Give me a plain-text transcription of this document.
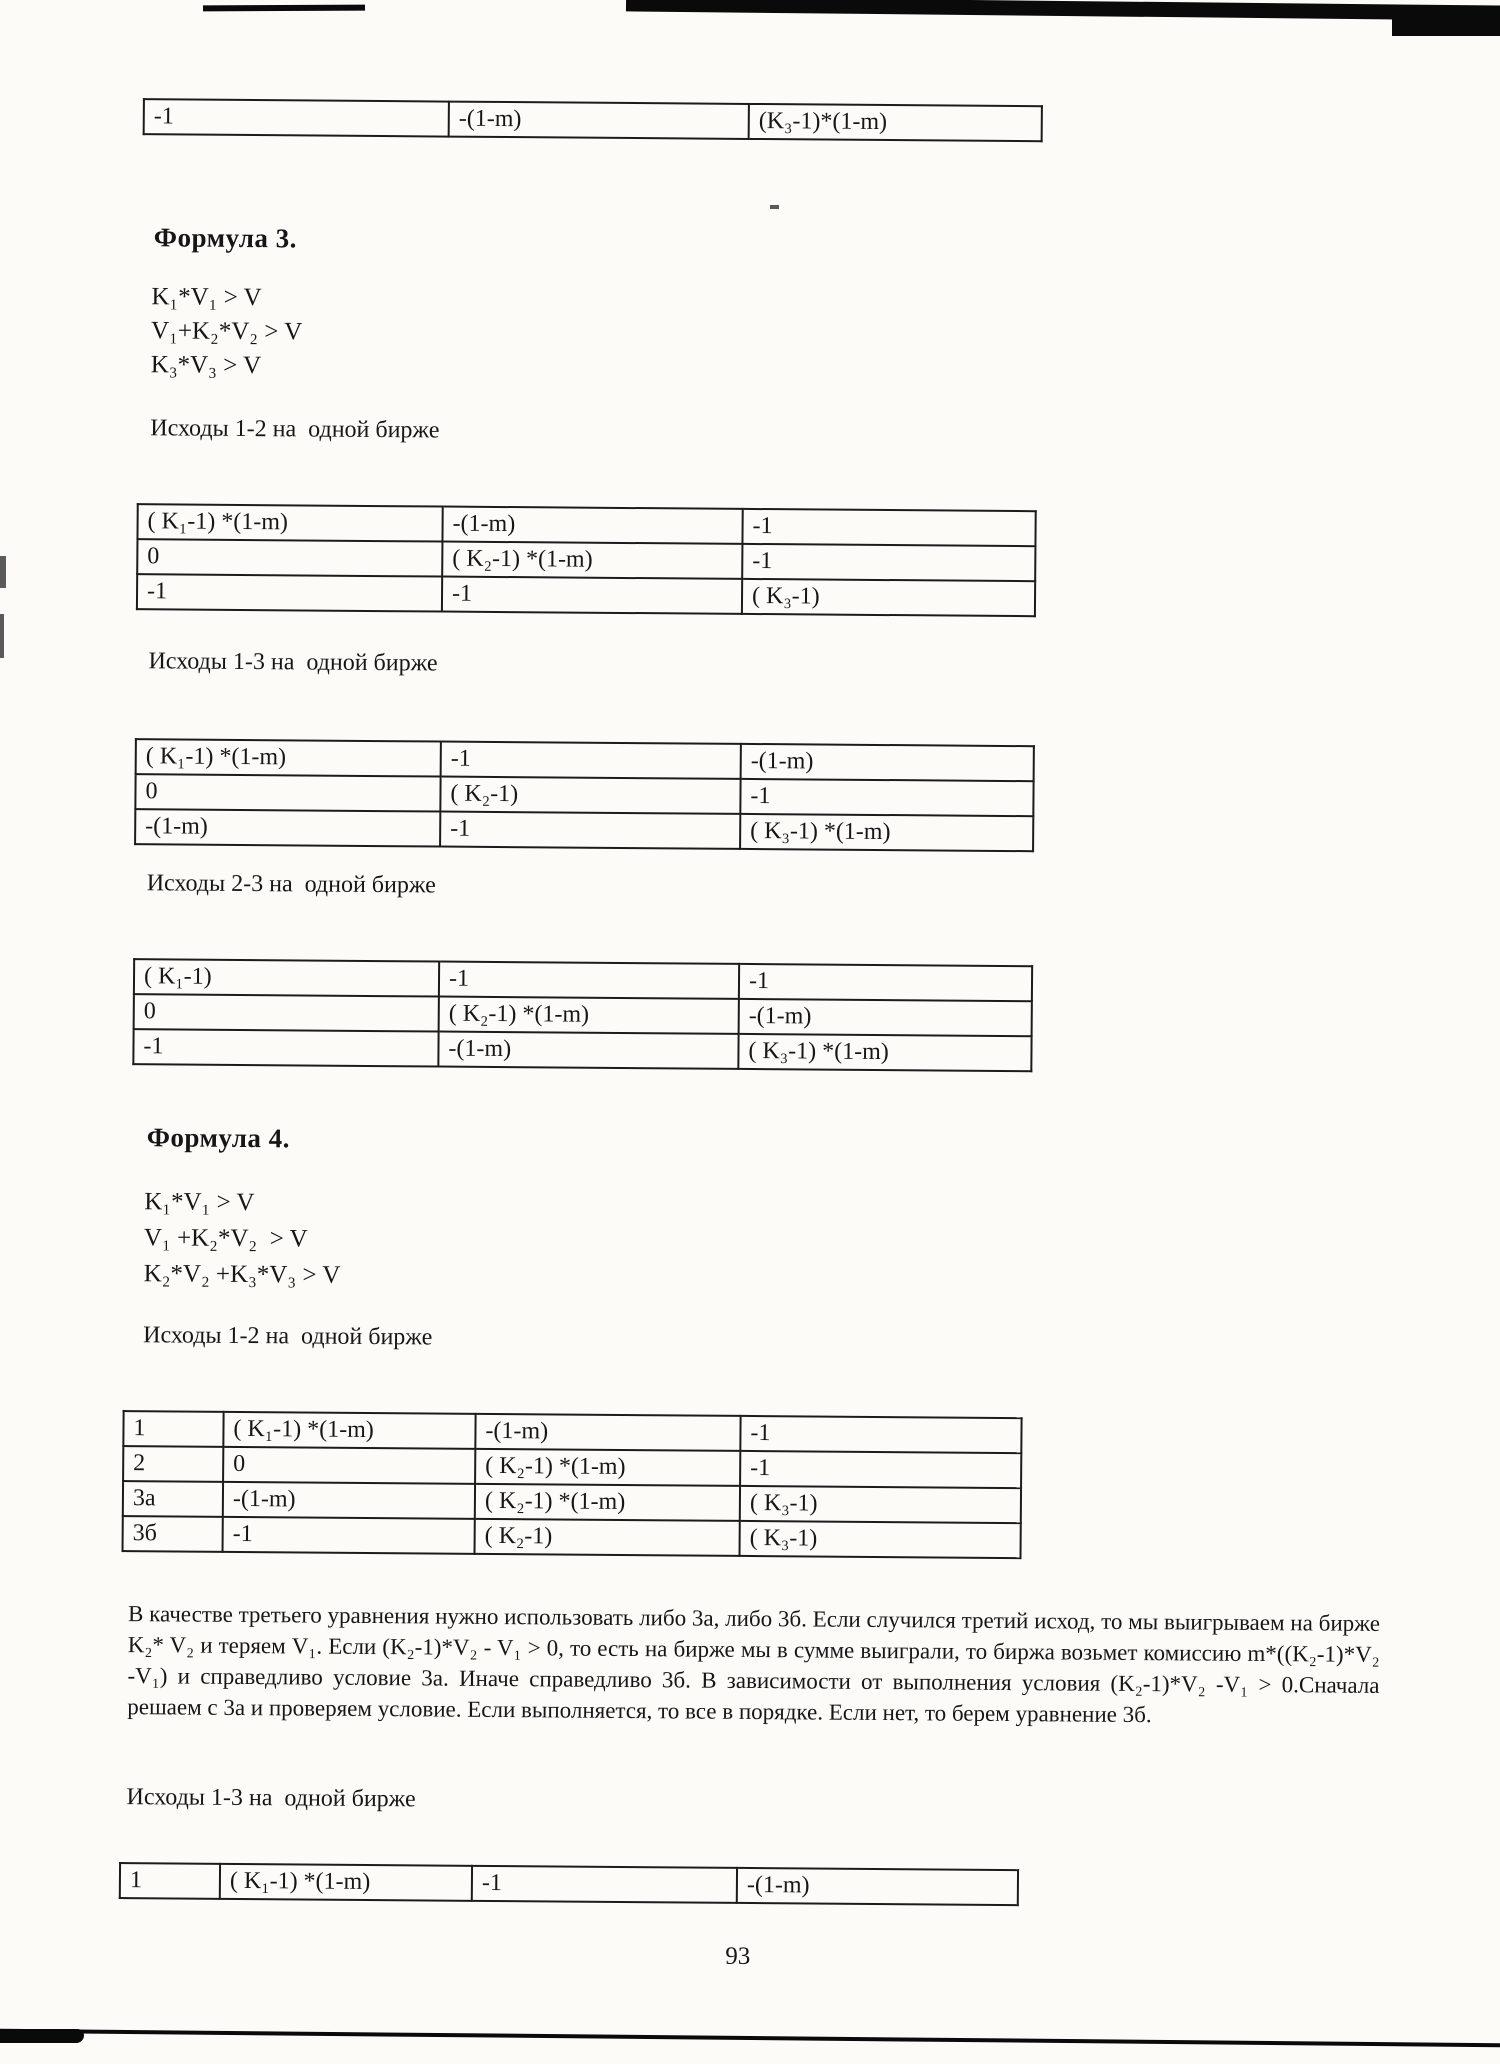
-1	-(1-m)	(K₃-1)*(1-m)
Формула 3.
K₁*V₁ > V
V₁+K₂*V₂ > V
K₃*V₃ > V
Исходы 1-2 на  одной бирже
( K₁-1) *(1-m)	-(1-m)	-1
0	( K₂-1) *(1-m)	-1
-1	-1	( K₃-1)
Исходы 1-3 на  одной бирже
( K₁-1) *(1-m)	-1	-(1-m)
0	( K₂-1)	-1
-(1-m)	-1	( K₃-1) *(1-m)
Исходы 2-3 на  одной бирже
( K₁-1)	-1	-1
0	( K₂-1) *(1-m)	-(1-m)
-1	-(1-m)	( K₃-1) *(1-m)
Формула 4.
K₁*V₁ > V
V₁ +K₂*V₂  > V
K₂*V₂ +K₃*V₃ > V
Исходы 1-2 на  одной бирже
1	( K₁-1) *(1-m)	-(1-m)	-1
2	0	( K₂-1) *(1-m)	-1
3а	-(1-m)	( K₂-1) *(1-m)	( K₃-1)
3б	-1	( K₂-1)	( K₃-1)
В качестве третьего уравнения нужно использовать либо 3а, либо 3б. Если случился третий исход, то мы выигрываем на бирже K₂* V₂ и теряем V₁. Если (K₂-1)*V₂ - V₁ > 0, то есть на бирже мы в сумме выиграли, то биржа возьмет комиссию m*((K₂-1)*V₂ -V₁) и справедливо условие 3а. Иначе справедливо 3б. В зависимости от выполнения условия (K₂-1)*V₂ -V₁ > 0.Сначала решаем с 3а и проверяем условие. Если выполняется, то все в порядке. Если нет, то берем уравнение 3б.
Исходы 1-3 на  одной бирже
1	( K₁-1) *(1-m)	-1	-(1-m)
93
